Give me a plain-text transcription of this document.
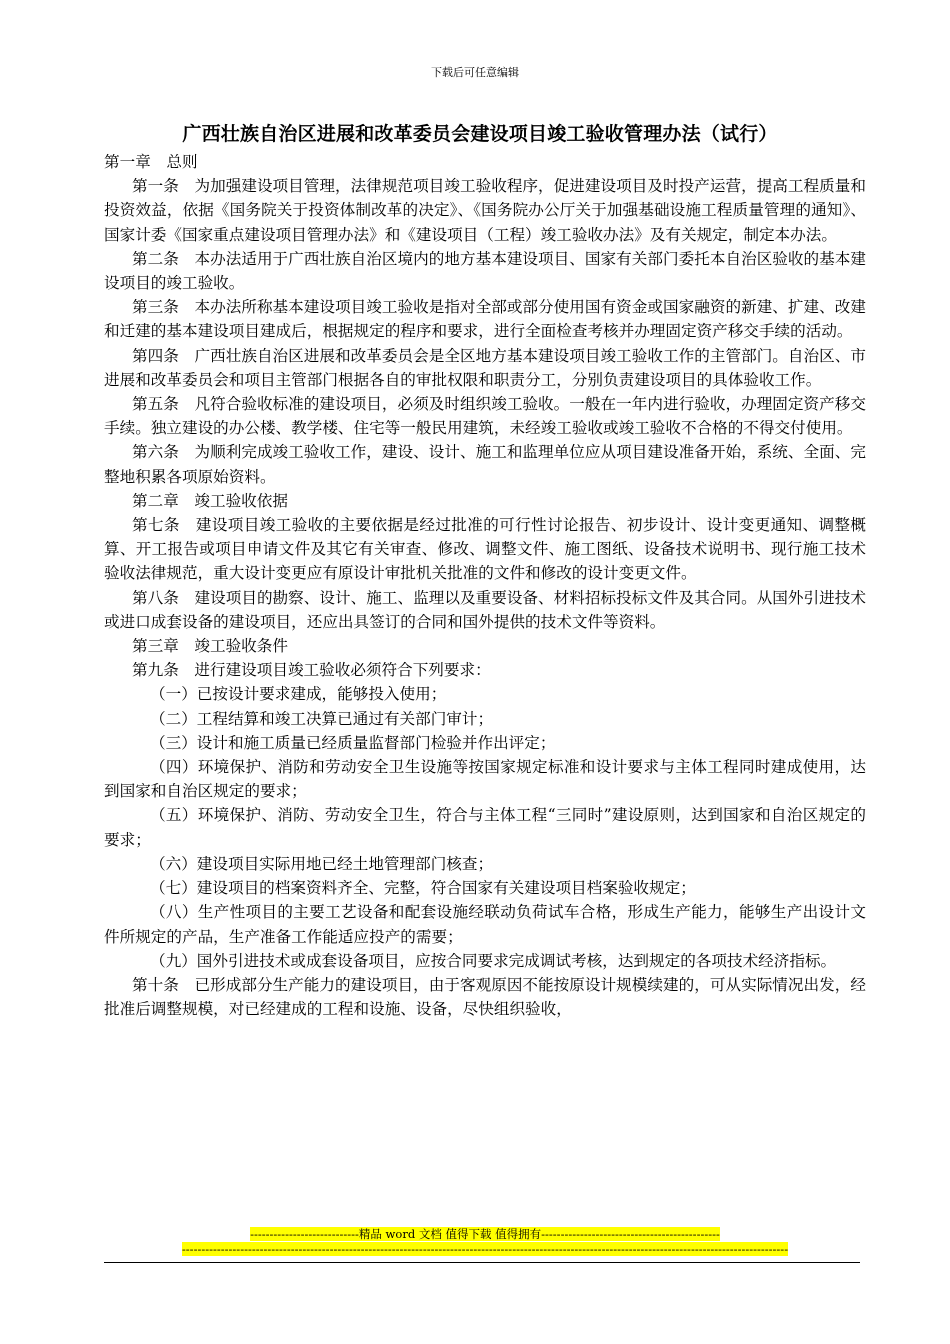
下载后可任意编辑
广西壮族自治区进展和改革委员会建设项目竣工验收管理办法（试行）

第一章　总则

第一条　为加强建设项目管理，法律规范项目竣工验收程序，促进建设项目及时投产运营，提高工程质量和投资效益，依据《国务院关于投资体制改革的决定》、《国务院办公厅关于加强基础设施工程质量管理的通知》、国家计委《国家重点建设项目管理办法》和《建设项目（工程）竣工验收办法》及有关规定，制定本办法。

第二条　本办法适用于广西壮族自治区境内的地方基本建设项目、国家有关部门委托本自治区验收的基本建设项目的竣工验收。

第三条　本办法所称基本建设项目竣工验收是指对全部或部分使用国有资金或国家融资的新建、扩建、改建和迁建的基本建设项目建成后，根据规定的程序和要求，进行全面检查考核并办理固定资产移交手续的活动。

第四条　广西壮族自治区进展和改革委员会是全区地方基本建设项目竣工验收工作的主管部门。自治区、市进展和改革委员会和项目主管部门根据各自的审批权限和职责分工，分别负责建设项目的具体验收工作。

第五条　凡符合验收标准的建设项目，必须及时组织竣工验收。一般在一年内进行验收，办理固定资产移交手续。独立建设的办公楼、教学楼、住宅等一般民用建筑，未经竣工验收或竣工验收不合格的不得交付使用。

第六条　为顺利完成竣工验收工作，建设、设计、施工和监理单位应从项目建设准备开始，系统、全面、完整地积累各项原始资料。

第二章　竣工验收依据

第七条　建设项目竣工验收的主要依据是经过批准的可行性讨论报告、初步设计、设计变更通知、调整概算、开工报告或项目申请文件及其它有关审查、修改、调整文件、施工图纸、设备技术说明书、现行施工技术验收法律规范，重大设计变更应有原设计审批机关批准的文件和修改的设计变更文件。

第八条　建设项目的勘察、设计、施工、监理以及重要设备、材料招标投标文件及其合同。从国外引进技术或进口成套设备的建设项目，还应出具签订的合同和国外提供的技术文件等资料。

第三章　竣工验收条件

第九条　进行建设项目竣工验收必须符合下列要求：

（一）已按设计要求建成，能够投入使用；

（二）工程结算和竣工决算已通过有关部门审计；

（三）设计和施工质量已经质量监督部门检验并作出评定；

（四）环境保护、消防和劳动安全卫生设施等按国家规定标准和设计要求与主体工程同时建成使用，达到国家和自治区规定的要求；

（五）环境保护、消防、劳动安全卫生，符合与主体工程“三同时”建设原则，达到国家和自治区规定的要求；

（六）建设项目实际用地已经土地管理部门核查；

（七）建设项目的档案资料齐全、完整，符合国家有关建设项目档案验收规定；

（八）生产性项目的主要工艺设备和配套设施经联动负荷试车合格，形成生产能力，能够生产出设计文件所规定的产品，生产准备工作能适应投产的需要；

（九）国外引进技术或成套设备项目，应按合同要求完成调试考核，达到规定的各项技术经济指标。

第十条　已形成部分生产能力的建设项目，由于客观原因不能按原设计规模续建的，可从实际情况出发，经批准后调整规模，对已经建成的工程和设施、设备，尽快组织验收，

----------------------------精品 word 文档 值得下载 值得拥有----------------------------------------------
------------------------------------------------------------------------------------------------------------------------------------------------------------
